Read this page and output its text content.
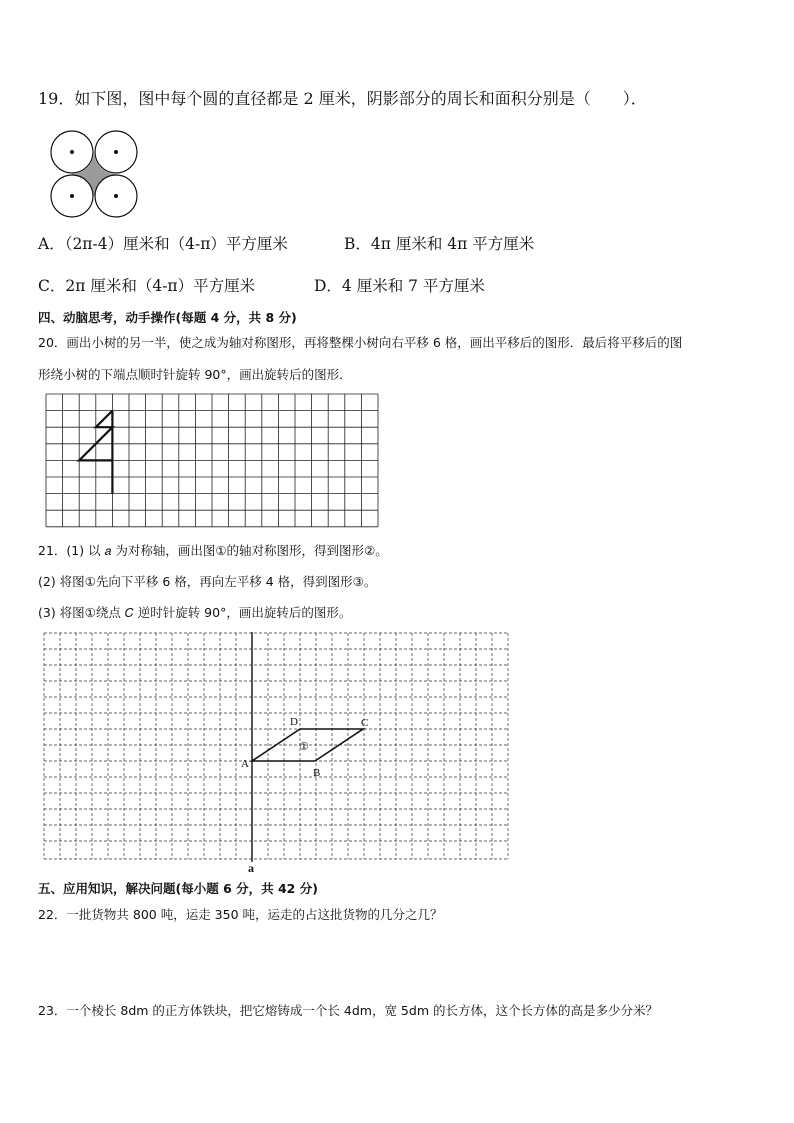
19．如下图，图中每个圆的直径都是 2 厘米，阴影部分的周长和面积分别是（　　）．
A．（2π-4）厘米和（4-π）平方厘米	B．4π 厘米和 4π 平方厘米
C．2π 厘米和（4-π）平方厘米	D．4 厘米和 7 平方厘米
四、动脑思考，动手操作(每题 4 分，共 8 分)
20．画出小树的另一半，使之成为轴对称图形，再将整棵小树向右平移 6 格，画出平移后的图形．最后将平移后的图
形绕小树的下端点顺时针旋转 90°，画出旋转后的图形．
21．(1) 以 𝑎 为对称轴，画出图①的轴对称图形，得到图形②。
(2) 将图①先向下平移 6 格，再向左平移 4 格，得到图形③。
(3) 将图①绕点 𝐶 逆时针旋转 90°，画出旋转后的图形。
A
B
C
D
①
a
五、应用知识，解决问题(每小题 6 分，共 42 分)
22．一批货物共 800 吨，运走 350 吨，运走的占这批货物的几分之几？
23．一个棱长 8dm 的正方体铁块，把它熔铸成一个长 4dm，宽 5dm 的长方体，这个长方体的高是多少分米？
